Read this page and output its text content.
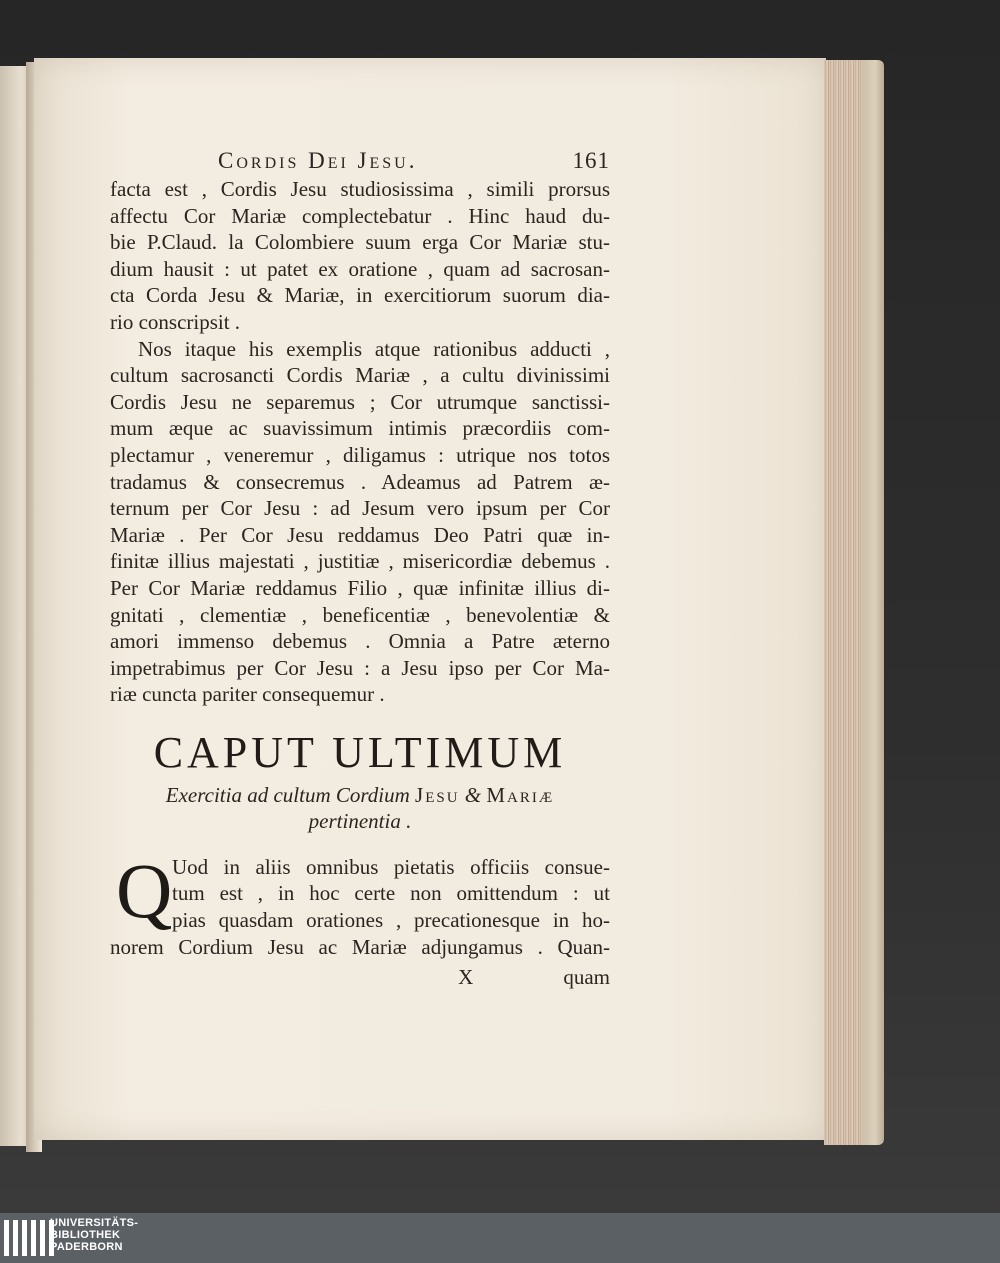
Cordis Dei Jesu.	161
facta est , Cordis Jesu studiosissima , simili prorsus
affectu Cor Mariæ complectebatur . Hinc haud du-
bie P.Claud. la Colombiere suum erga Cor Mariæ stu-
dium hausit : ut patet ex oratione , quam ad sacrosan-
cta Corda Jesu & Mariæ, in exercitiorum suorum dia-
rio conscripsit .
Nos itaque his exemplis atque rationibus adducti ,
cultum sacrosancti Cordis Mariæ , a cultu divinissimi
Cordis Jesu ne separemus ; Cor utrumque sanctissi-
mum æque ac suavissimum intimis præcordiis com-
plectamur , veneremur , diligamus : utrique nos totos
tradamus & consecremus . Adeamus ad Patrem æ-
ternum per Cor Jesu : ad Jesum vero ipsum per Cor
Mariæ . Per Cor Jesu reddamus Deo Patri quæ in-
finitæ illius majestati , justitiæ , misericordiæ debemus .
Per Cor Mariæ reddamus Filio , quæ infinitæ illius di-
gnitati , clementiæ , beneficentiæ , benevolentiæ &
amori immenso debemus . Omnia a Patre æterno
impetrabimus per Cor Jesu : a Jesu ipso per Cor Ma-
riæ cuncta pariter consequemur .
CAPUT ULTIMUM
Exercitia ad cultum Cordium Jesu & Mariæ
pertinentia .
Q Uod in aliis omnibus pietatis officiis consue-
tum est , in hoc certe non omittendum : ut
pias quasdam orationes , precationesque in ho-
norem Cordium Jesu ac Mariæ adjungamus . Quan-
X	quam
UNIVERSITÄTS-
BIBLIOTHEK
PADERBORN
